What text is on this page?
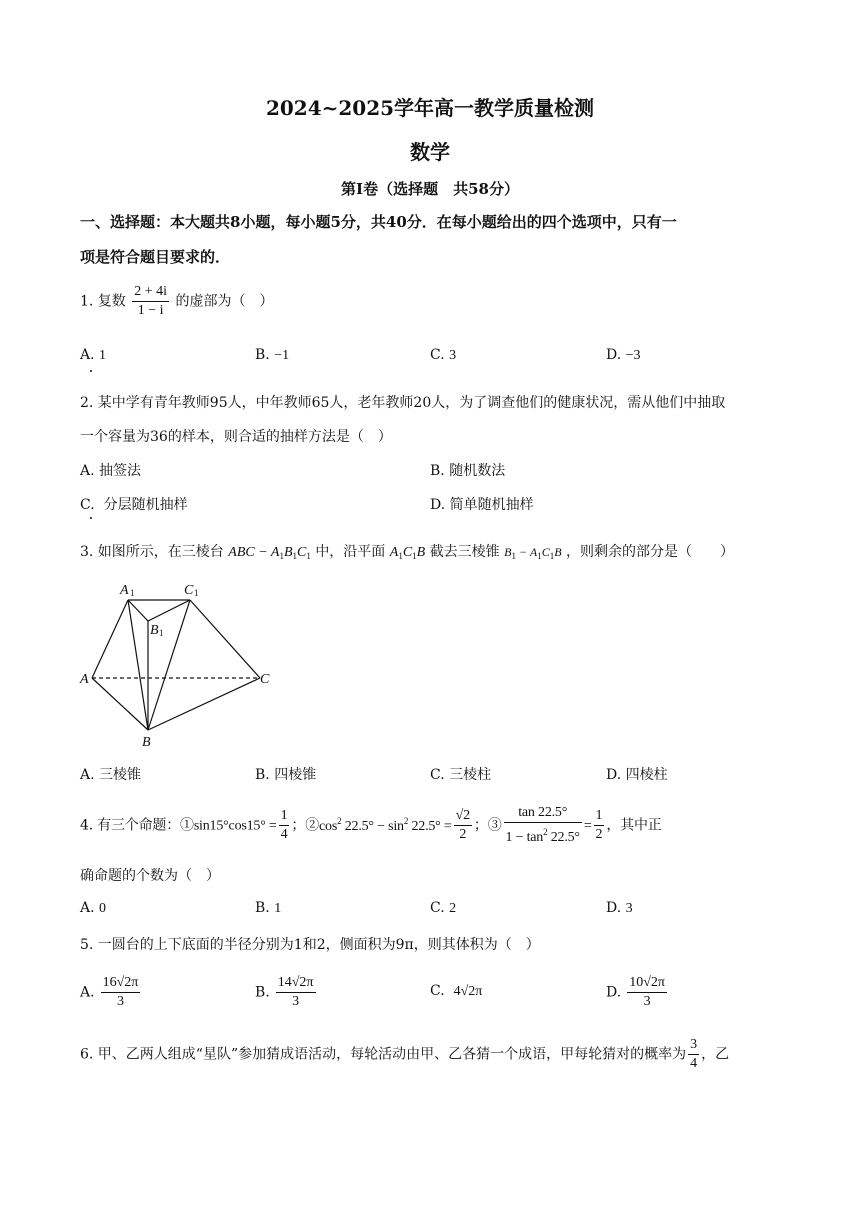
2024~2025学年高一教学质量检测
数学
第Ⅰ卷（选择题　共58分）
一、选择题：本大题共8小题，每小题5分，共40分．在每小题给出的四个选项中，只有一
项是符合题目要求的．
1. 复数 $\frac{2 + 4i}{1 - i}$ 的虚部为（　）
A. 1	B. −1	C. 3	D. −3
2. 某中学有青年教师95人，中年教师65人，老年教师20人，为了调查他们的健康状况，需从他们中抽取
一个容量为36的样本，则合适的抽样方法是（　）
A. 抽签法	B. 随机数法
C. 分层随机抽样	D. 简单随机抽样
3. 如图所示，在三棱台 ABC − $A_1B_1C_1$ 中，沿平面 $A_1C_1B$ 截去三棱锥 $B_1 - A_1C_1B$ ，则剩余的部分是（　　）
A 1	C 1
B 1
A	C
B
A. 三棱锥	B. 四棱锥	C. 三棱柱	D. 四棱柱
4. 有三个命题：①sin15°cos15° = $\frac{1}{4}$ ；$②\cos^2$ $22.5^\circ - \sin^2 22.5^\circ = \frac{√2}{2}$ ；③ $\frac{\tan 22.5^\circ}{1 - \tan^2 22.5^\circ} = \frac{1}{2}$ ，其中正
确命题的个数为（　）
A. 0	B. 1	C. 2	D. 3
5. 一圆台的上下底面的半径分别为1和2，侧面积为9π，则其体积为（　）
A. $\frac{16√2\pi}{3}$	B. $\frac{14√2\pi}{3}$	C. 4√2π	D. $\frac{10√2\pi}{3}$
6. 甲、乙两人组成“星队”参加猜成语活动，每轮活动由甲、乙各猜一个成语，甲每轮猜对的概率为 $\frac{3}{4}$ ，乙
